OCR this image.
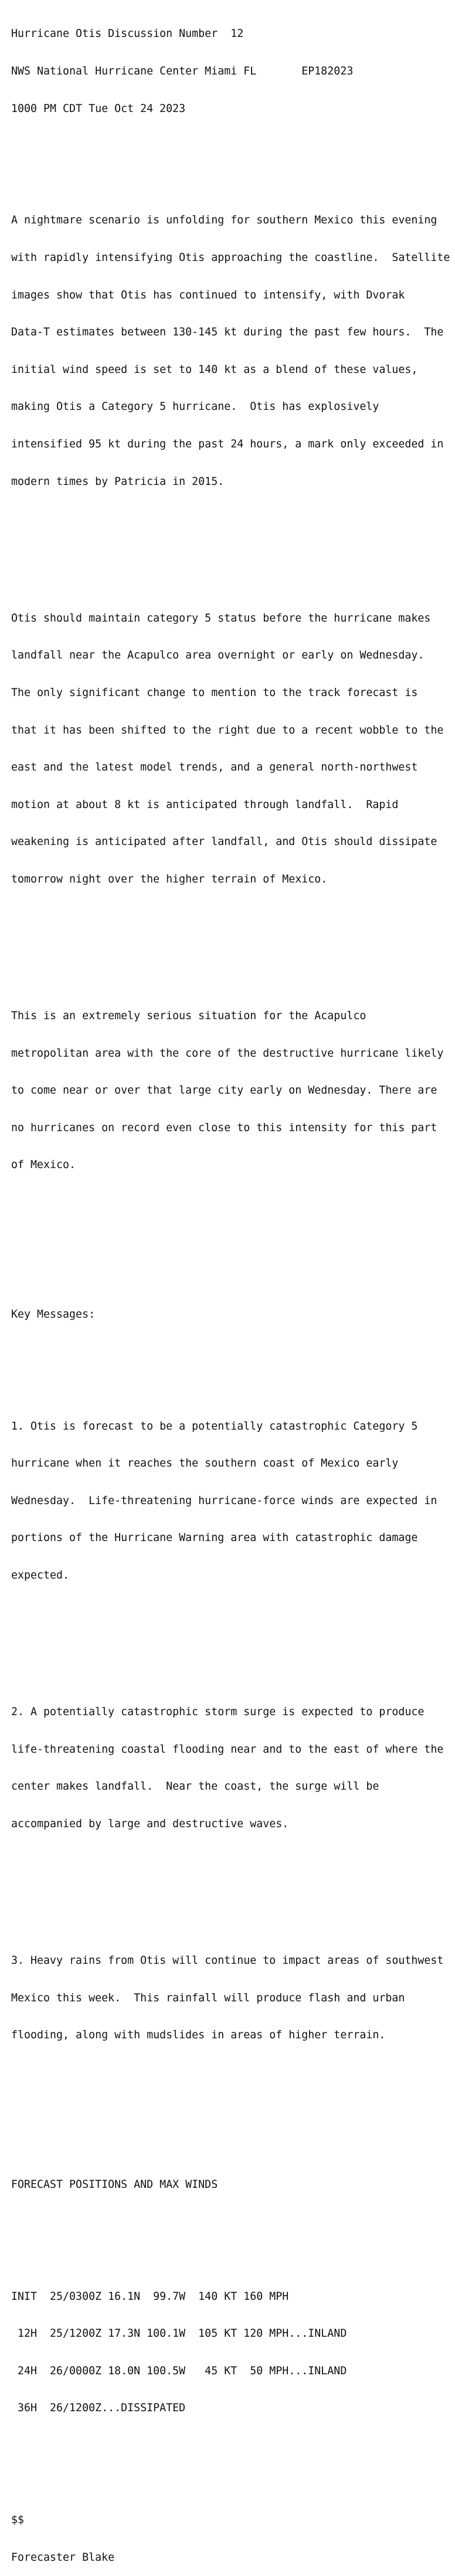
Hurricane Otis Discussion Number  12

NWS National Hurricane Center Miami FL       EP182023

1000 PM CDT Tue Oct 24 2023

A nightmare scenario is unfolding for southern Mexico this evening

with rapidly intensifying Otis approaching the coastline.  Satellite

images show that Otis has continued to intensify, with Dvorak

Data-T estimates between 130-145 kt during the past few hours.  The

initial wind speed is set to 140 kt as a blend of these values,

making Otis a Category 5 hurricane.  Otis has explosively

intensified 95 kt during the past 24 hours, a mark only exceeded in

modern times by Patricia in 2015.

Otis should maintain category 5 status before the hurricane makes

landfall near the Acapulco area overnight or early on Wednesday.

The only significant change to mention to the track forecast is

that it has been shifted to the right due to a recent wobble to the

east and the latest model trends, and a general north-northwest

motion at about 8 kt is anticipated through landfall.  Rapid

weakening is anticipated after landfall, and Otis should dissipate

tomorrow night over the higher terrain of Mexico.

This is an extremely serious situation for the Acapulco

metropolitan area with the core of the destructive hurricane likely

to come near or over that large city early on Wednesday. There are

no hurricanes on record even close to this intensity for this part

of Mexico.

Key Messages:

1. Otis is forecast to be a potentially catastrophic Category 5

hurricane when it reaches the southern coast of Mexico early

Wednesday.  Life-threatening hurricane-force winds are expected in

portions of the Hurricane Warning area with catastrophic damage

expected.

2. A potentially catastrophic storm surge is expected to produce

life-threatening coastal flooding near and to the east of where the

center makes landfall.  Near the coast, the surge will be

accompanied by large and destructive waves.

3. Heavy rains from Otis will continue to impact areas of southwest

Mexico this week.  This rainfall will produce flash and urban

flooding, along with mudslides in areas of higher terrain.

FORECAST POSITIONS AND MAX WINDS

INIT  25/0300Z 16.1N  99.7W  140 KT 160 MPH

12H  25/1200Z 17.3N 100.1W  105 KT 120 MPH...INLAND

24H  26/0000Z 18.0N 100.5W   45 KT  50 MPH...INLAND

36H  26/1200Z...DISSIPATED

$$

Forecaster Blake
